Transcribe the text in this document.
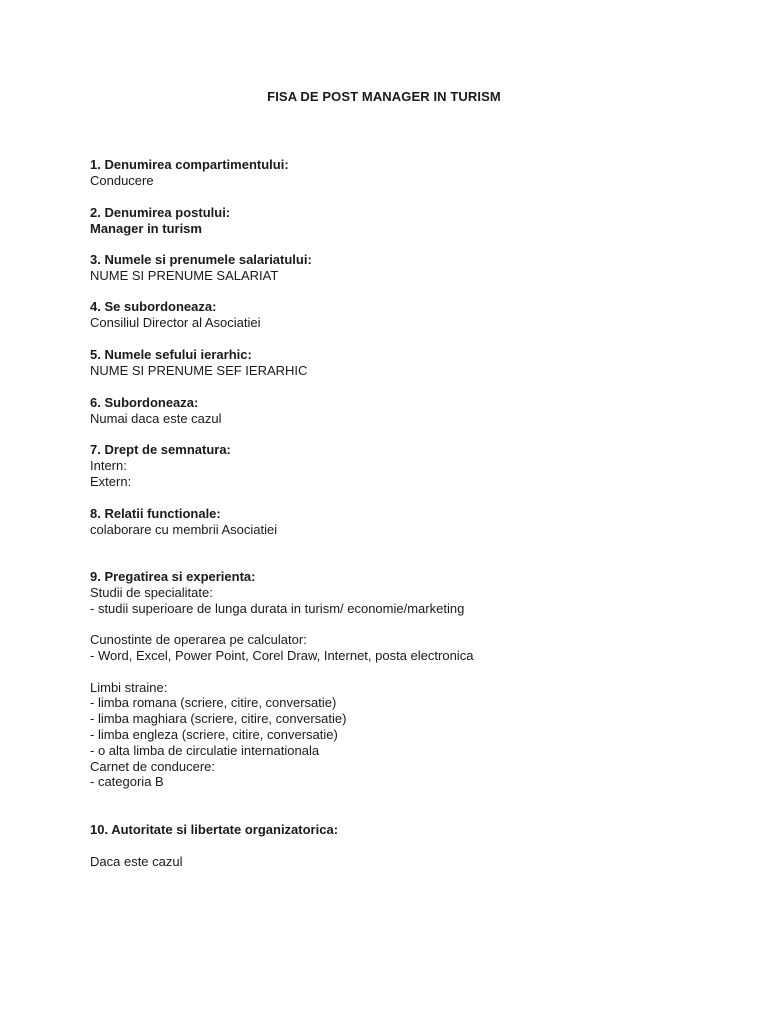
FISA DE POST MANAGER IN TURISM
1. Denumirea compartimentului:
Conducere
2. Denumirea postului:
Manager in turism
3. Numele si prenumele salariatului:
NUME SI PRENUME SALARIAT
4. Se subordoneaza:
Consiliul Director al Asociatiei
5. Numele sefului ierarhic:
NUME SI PRENUME SEF IERARHIC
6. Subordoneaza:
Numai daca este cazul
7. Drept de semnatura:
Intern:
Extern:
8. Relatii functionale:
colaborare cu membrii Asociatiei
9. Pregatirea si experienta:
Studii de specialitate:
- studii superioare de lunga durata in turism/ economie/marketing
Cunostinte de operarea pe calculator:
- Word, Excel, Power Point, Corel Draw, Internet, posta electronica
Limbi straine:
- limba romana (scriere, citire, conversatie)
- limba maghiara (scriere, citire, conversatie)
- limba engleza (scriere, citire, conversatie)
- o alta limba de circulatie internationala
Carnet de conducere:
- categoria B
10. Autoritate si libertate organizatorica:
Daca este cazul
